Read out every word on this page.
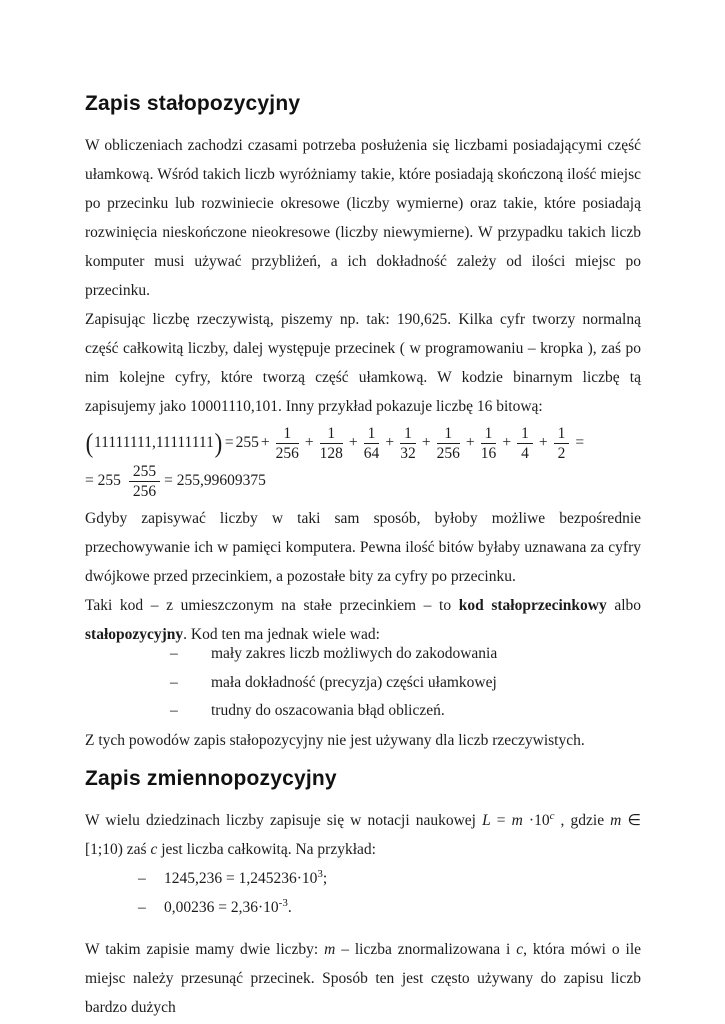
Zapis stałopozycyjny

W obliczeniach zachodzi czasami potrzeba posłużenia się liczbami posiadającymi część ułamkową. Wśród takich liczb wyróżniamy takie, które posiadają skończoną ilość miejsc po przecinku lub rozwiniecie okresowe (liczby wymierne) oraz takie, które posiadają rozwinięcia nieskończone nieokresowe (liczby niewymierne). W przypadku takich liczb komputer musi używać przybliżeń, a ich dokładność zależy od ilości miejsc po przecinku.

Zapisując liczbę rzeczywistą, piszemy np. tak: 190,625. Kilka cyfr tworzy normalną część całkowitą liczby, dalej występuje przecinek ( w programowaniu – kropka ), zaś po nim kolejne cyfry, które tworzą część ułamkową. W kodzie binarnym liczbę tą zapisujemy jako 10001110,101. Inny przykład pokazuje liczbę 16 bitową:

( 11111111,11111111 ) = $255 + \frac{1}{256} + \frac{1}{128} + \frac{1}{64} + \frac{1}{32} + \frac{1}{256} + \frac{1}{16} + \frac{1}{4} + \frac{1}{2}$ =
= $255 \frac{255}{256} = 255,99609375$

Gdyby zapisywać liczby w taki sam sposób, byłoby możliwe bezpośrednie przechowywanie ich w pamięci komputera. Pewna ilość bitów byłaby uznawana za cyfry dwójkowe przed przecinkiem, a pozostałe bity za cyfry po przecinku.

Taki kod – z umieszczonym na stałe przecinkiem – to kod stałoprzecinkowy albo stałopozycyjny. Kod ten ma jednak wiele wad:

–	mały zakres liczb możliwych do zakodowania
–	mała dokładność (precyzja) części ułamkowej
–	trudny do oszacowania błąd obliczeń.

Z tych powodów zapis stałopozycyjny nie jest używany dla liczb rzeczywistych.

Zapis zmiennopozycyjny

W wielu dziedzinach liczby zapisuje się w notacji naukowej $L = m \cdot 10^c$ , gdzie m ∈ [1;10) zaś c jest liczba całkowitą. Na przykład:

–	$1245,236 = 1,245236\cdot 10^3$;
–	$0,00236 = 2,36\cdot 10^{-3}$.

W takim zapisie mamy dwie liczby: m – liczba znormalizowana i c, która mówi o ile miejsc należy przesunąć przecinek. Sposób ten jest często używany do zapisu liczb bardzo dużych
